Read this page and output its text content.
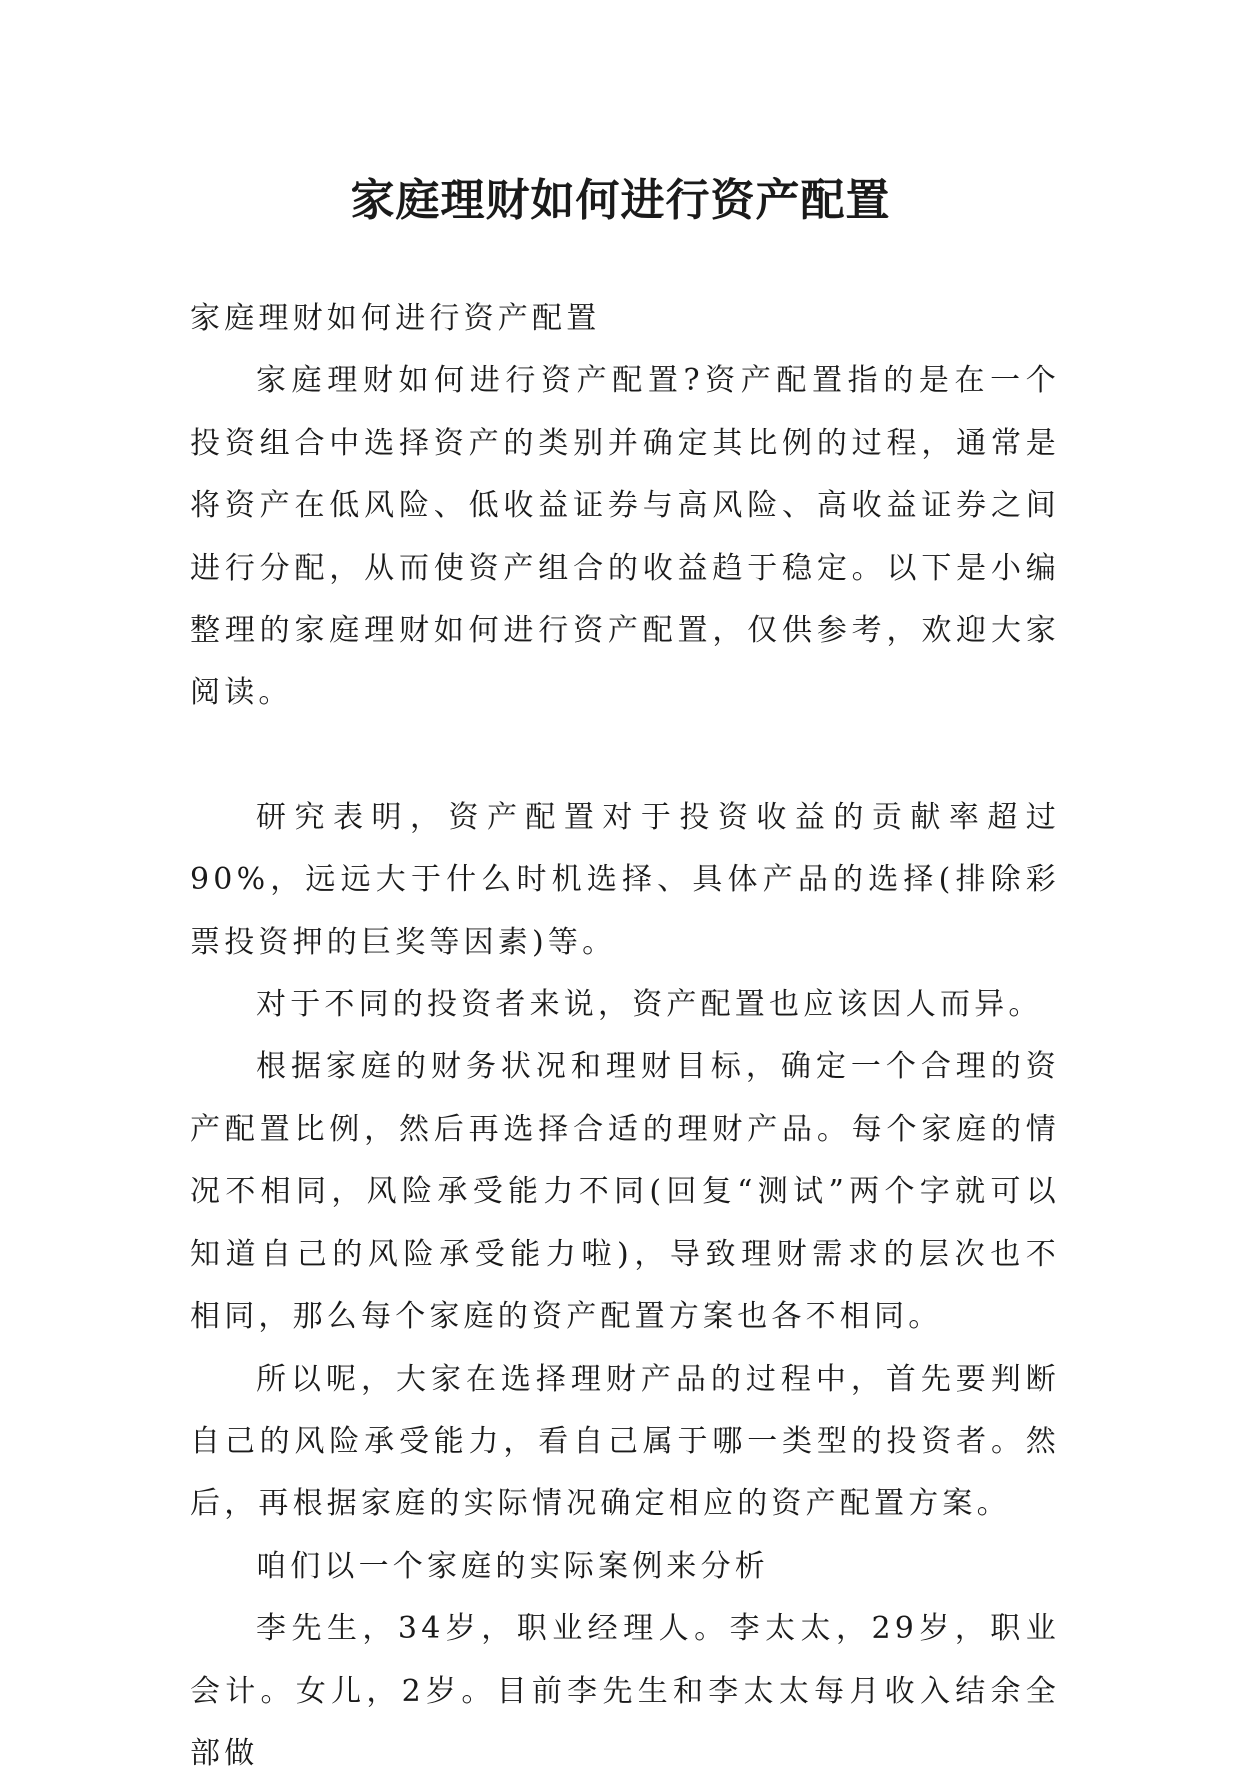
家庭理财如何进行资产配置

家庭理财如何进行资产配置

家庭理财如何进行资产配置?资产配置指的是在一个投资组合中选择资产的类别并确定其比例的过程，通常是将资产在低风险、低收益证券与高风险、高收益证券之间进行分配，从而使资产组合的收益趋于稳定。以下是小编整理的家庭理财如何进行资产配置，仅供参考，欢迎大家阅读。

研究表明，资产配置对于投资收益的贡献率超过90%，远远大于什么时机选择、具体产品的选择(排除彩票投资押的巨奖等因素)等。

对于不同的投资者来说，资产配置也应该因人而异。

根据家庭的财务状况和理财目标，确定一个合理的资产配置比例，然后再选择合适的理财产品。每个家庭的情况不相同，风险承受能力不同(回复“测试”两个字就可以知道自己的风险承受能力啦)，导致理财需求的层次也不相同，那么每个家庭的资产配置方案也各不相同。

所以呢，大家在选择理财产品的过程中，首先要判断自己的风险承受能力，看自己属于哪一类型的投资者。然后，再根据家庭的实际情况确定相应的资产配置方案。

咱们以一个家庭的实际案例来分析

李先生，34岁，职业经理人。李太太，29岁，职业会计。女儿，2岁。目前李先生和李太太每月收入结余全部做
